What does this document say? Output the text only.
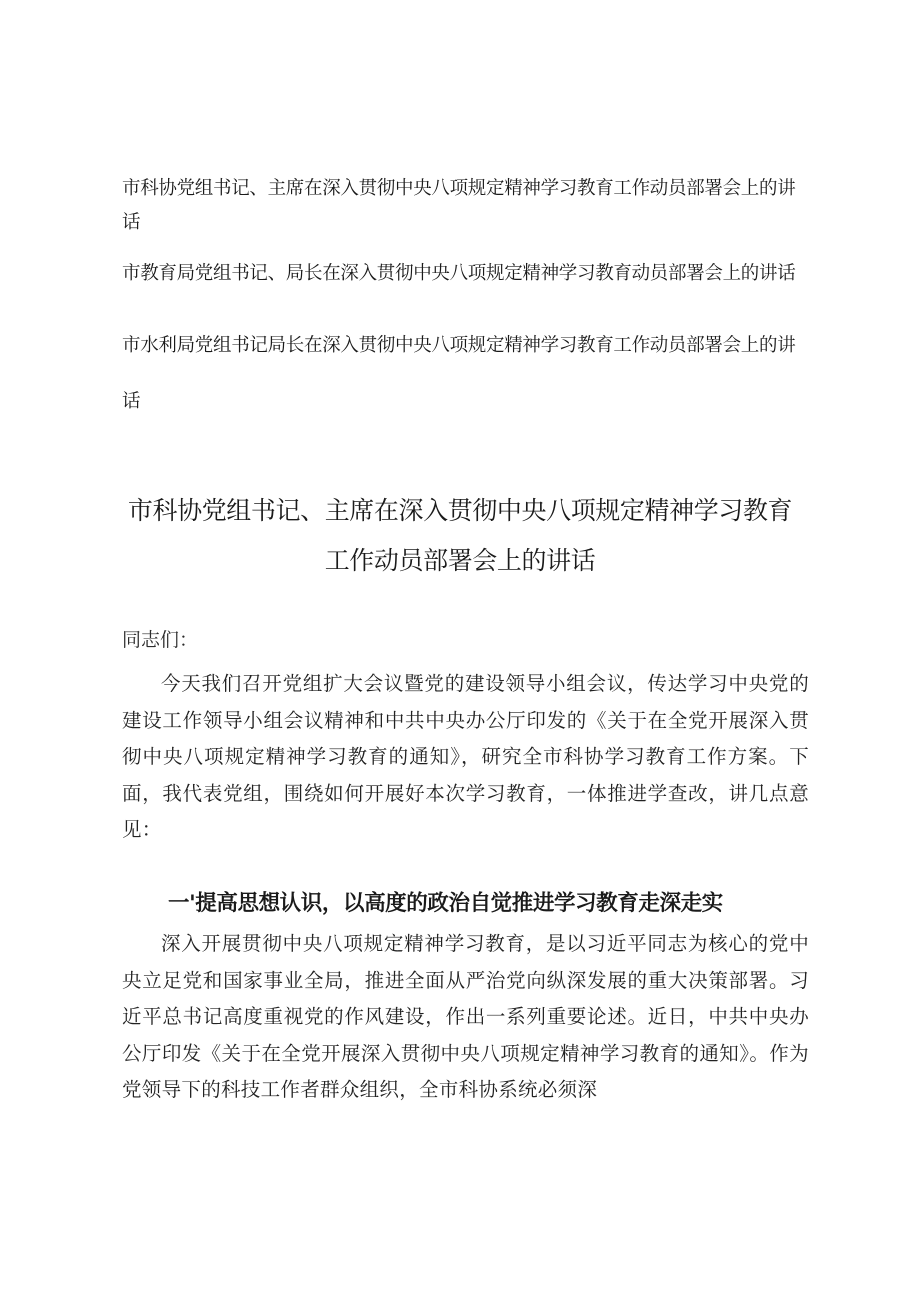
市科协党组书记、主席在深入贯彻中央八项规定精神学习教育工作动员部署会上的讲话
市教育局党组书记、局长在深入贯彻中央八项规定精神学习教育动员部署会上的讲话
市水利局党组书记局长在深入贯彻中央八项规定精神学习教育工作动员部署会上的讲话
市科协党组书记、主席在深入贯彻中央八项规定精神学习教育工作动员部署会上的讲话
同志们：

今天我们召开党组扩大会议暨党的建设领导小组会议，传达学习中央党的建设工作领导小组会议精神和中共中央办公厅印发的《关于在全党开展深入贯彻中央八项规定精神学习教育的通知》，研究全市科协学习教育工作方案。下面，我代表党组，围绕如何开展好本次学习教育，一体推进学查改，讲几点意见：

一'提高思想认识，以高度的政治自觉推进学习教育走深走实

深入开展贯彻中央八项规定精神学习教育，是以习近平同志为核心的党中央立足党和国家事业全局，推进全面从严治党向纵深发展的重大决策部署。习近平总书记高度重视党的作风建设，作出一系列重要论述。近日，中共中央办公厅印发《关于在全党开展深入贯彻中央八项规定精神学习教育的通知》。作为党领导下的科技工作者群众组织，全市科协系统必须深
